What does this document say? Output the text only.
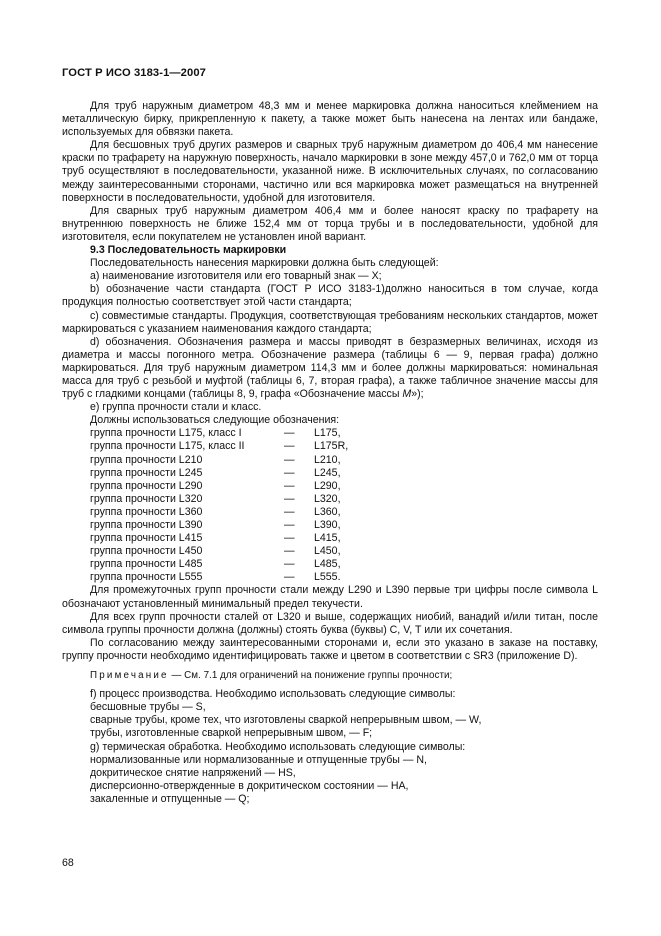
ГОСТ Р ИСО 3183-1—2007

Для труб наружным диаметром 48,3 мм и менее маркировка должна наноситься клеймением на металлическую бирку, прикрепленную к пакету, а также может быть нанесена на лентах или бандаже, используемых для обвязки пакета.

Для бесшовных труб других размеров и сварных труб наружным диаметром до 406,4 мм нанесение краски по трафарету на наружную поверхность, начало маркировки в зоне между 457,0 и 762,0 мм от торца труб осуществляют в последовательности, указанной ниже. В исключительных случаях, по согласованию между заинтересованными сторонами, частично или вся маркировка может размещаться на внутренней поверхности в последовательности, удобной для изготовителя.

Для сварных труб наружным диаметром 406,4 мм и более наносят краску по трафарету на внутреннюю поверхность не ближе 152,4 мм от торца трубы и в последовательности, удобной для изготовителя, если покупателем не установлен иной вариант.

9.3 Последовательность маркировки

Последовательность нанесения маркировки должна быть следующей:

а) наименование изготовителя или его товарный знак — X;

b) обозначение части стандарта (ГОСТ Р ИСО 3183-1)должно наноситься в том случае, когда продукция полностью соответствует этой части стандарта;

с) совместимые стандарты. Продукция, соответствующая требованиям нескольких стандартов, может маркироваться с указанием наименования каждого стандарта;

d) обозначения. Обозначения размера и массы приводят в безразмерных величинах, исходя из диаметра и массы погонного метра. Обозначение размера (таблицы 6 — 9, первая графа) должно маркироваться. Для труб наружным диаметром 114,3 мм и более должны маркироваться: номинальная масса для труб с резьбой и муфтой (таблицы 6, 7, вторая графа), а также табличное значение массы для труб с гладкими концами (таблицы 8, 9, графа «Обозначение массы M»);

е) группа прочности стали и класс.

Должны использоваться следующие обозначения:

группа прочности L175, класс I	—	L175,
группа прочности L175, класс II	—	L175R,
группа прочности L210	—	L210,
группа прочности L245	—	L245,
группа прочности L290	—	L290,
группа прочности L320	—	L320,
группа прочности L360	—	L360,
группа прочности L390	—	L390,
группа прочности L415	—	L415,
группа прочности L450	—	L450,
группа прочности L485	—	L485,
группа прочности L555	—	L555.

Для промежуточных групп прочности стали между L290 и L390 первые три цифры после символа L обозначают установленный минимальный предел текучести.

Для всех групп прочности сталей от L320 и выше, содержащих ниобий, ванадий и/или титан, после символа группы прочности должна (должны) стоять буква (буквы) C, V, T или их сочетания.

По согласованию между заинтересованными сторонами и, если это указано в заказе на поставку, группу прочности необходимо идентифицировать также и цветом в соответствии с SR3 (приложение D).

Примечание — См. 7.1 для ограничений на понижение группы прочности;

f) процесс производства. Необходимо использовать следующие символы:

бесшовные трубы — S,

сварные трубы, кроме тех, что изготовлены сваркой непрерывным швом, — W,

трубы, изготовленные сваркой непрерывным швом, — F;

g) термическая обработка. Необходимо использовать следующие символы:

нормализованные или нормализованные и отпущенные трубы — N,

докритическое снятие напряжений — HS,

дисперсионно-отвержденные в докритическом состоянии — HA,

закаленные и отпущенные — Q;

68
